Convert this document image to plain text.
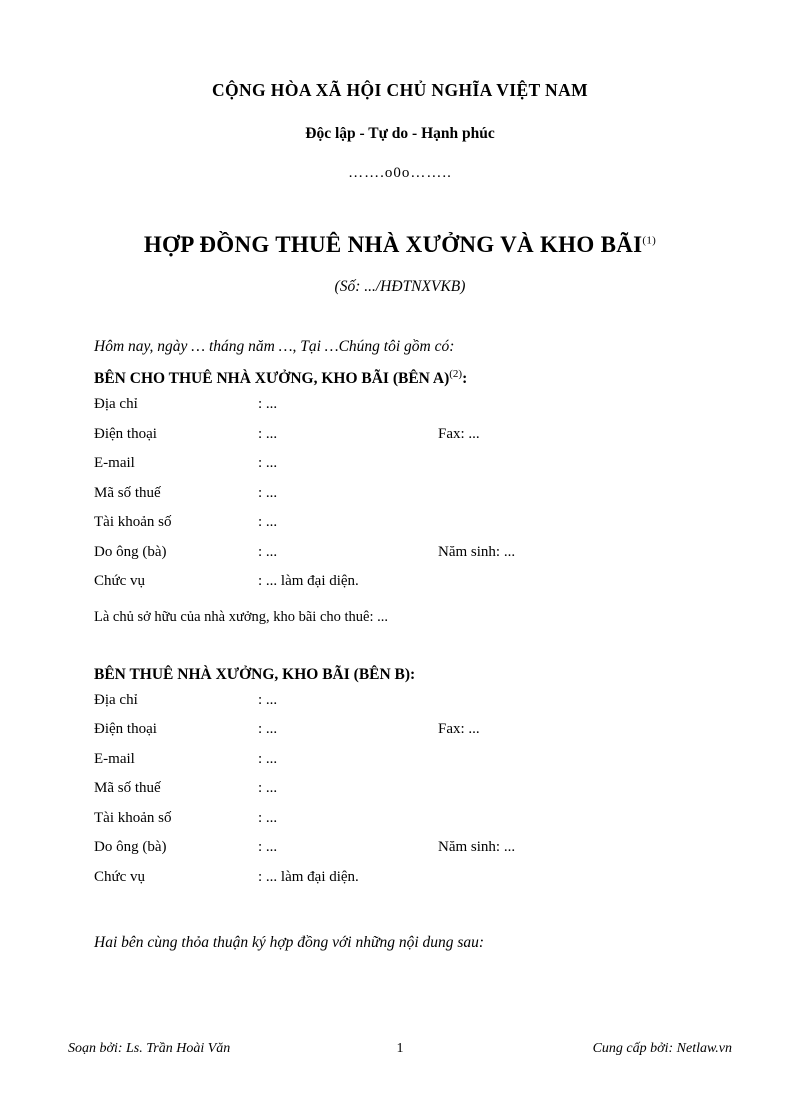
CỘNG HÒA XÃ HỘI CHỦ NGHĨA VIỆT NAM
Độc lập - Tự do - Hạnh phúc
…….o0o……..
HỢP ĐỒNG THUÊ NHÀ XƯỞNG VÀ KHO BÃI$^{(1)}$
(Số: .../HĐTNXVKB)
Hôm nay, ngày … tháng năm …, Tại …Chúng tôi gồm có:
BÊN CHO THUÊ NHÀ XƯỞNG, KHO BÃI (BÊN A)$^{(2)}$:
Địa chỉ	: ...
Điện thoại	: ...	Fax: ...
E-mail	: ...
Mã số thuế	: ...
Tài khoản số	: ...
Do ông (bà)	: ...	Năm sinh: ...
Chức vụ	: ... làm đại diện.
Là chủ sở hữu của nhà xưởng, kho bãi cho thuê: ...
BÊN THUÊ NHÀ XƯỞNG, KHO BÃI (BÊN B):
Địa chỉ	: ...
Điện thoại	: ...	Fax: ...
E-mail	: ...
Mã số thuế	: ...
Tài khoản số	: ...
Do ông (bà)	: ...	Năm sinh: ...
Chức vụ	: ... làm đại diện.
Hai bên cùng thỏa thuận ký hợp đồng với những nội dung sau:
Soạn bởi: Ls. Trần Hoài Văn	1	Cung cấp bởi: Netlaw.vn
